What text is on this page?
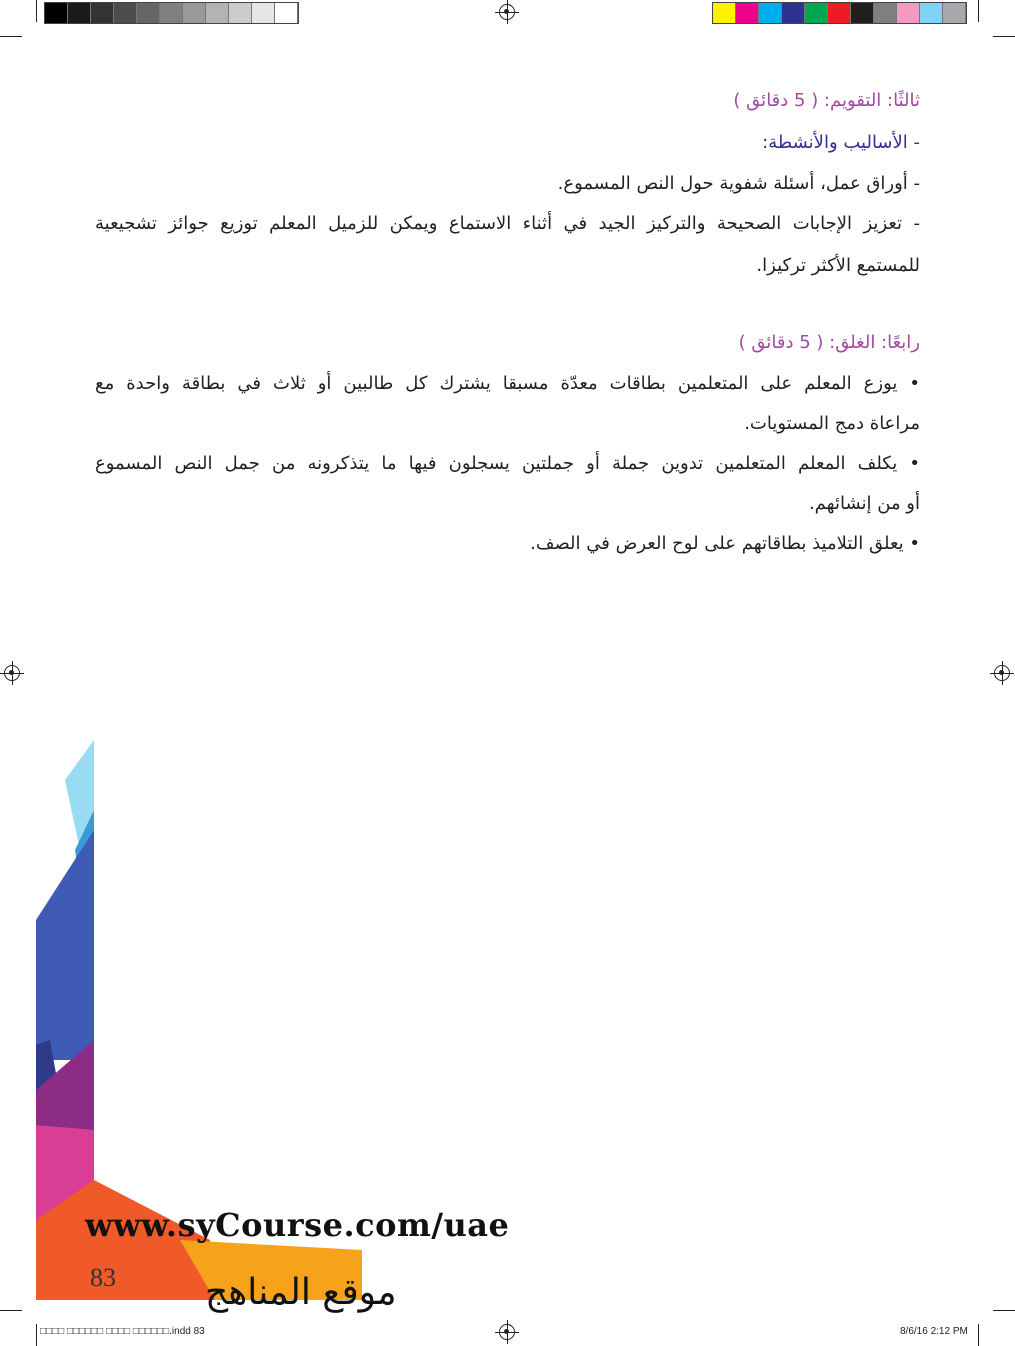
ثالثًا: التقويم: ( 5 دقائق )
- الأساليب والأنشطة:
- أوراق عمل، أسئلة شفوية حول النص المسموع.
- تعزيز الإجابات الصحيحة والتركيز الجيد في أثناء الاستماع ويمكن للزميل المعلم توزيع جوائز تشجيعية
للمستمع الأكثر تركيزا.
رابعًا: الغلق: ( 5 دقائق )
• يوزع المعلم على المتعلمين بطاقات معدّة مسبقا يشترك كل طالبين أو ثلاث في بطاقة واحدة مع
مراعاة دمج المستويات.
• يكلف المعلم المتعلمين تدوين جملة أو جملتين يسجلون فيها ما يتذكرونه من جمل النص المسموع
أو من إنشائهم.
• يعلق التلاميذ بطاقاتهم على لوح العرض في الصف.
www.syCourse.com/uae
83 موقع المناهج
□□□□ □□□□□□ □□□□ □□□□□□.indd 83	8/6/16 2:12 PM
